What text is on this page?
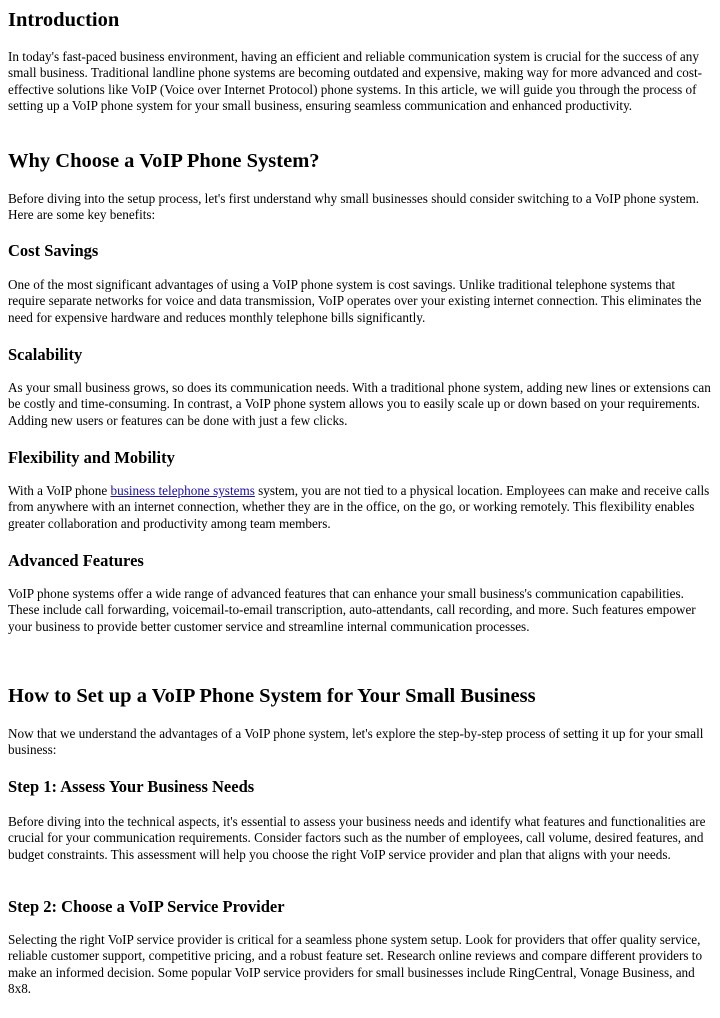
Introduction

In today's fast-paced business environment, having an efficient and reliable communication system is crucial for the success of any small business. Traditional landline phone systems are becoming outdated and expensive, making way for more advanced and cost-effective solutions like VoIP (Voice over Internet Protocol) phone systems. In this article, we will guide you through the process of setting up a VoIP phone system for your small business, ensuring seamless communication and enhanced productivity.

Why Choose a VoIP Phone System?

Before diving into the setup process, let's first understand why small businesses should consider switching to a VoIP phone system. Here are some key benefits:

Cost Savings

One of the most significant advantages of using a VoIP phone system is cost savings. Unlike traditional telephone systems that require separate networks for voice and data transmission, VoIP operates over your existing internet connection. This eliminates the need for expensive hardware and reduces monthly telephone bills significantly.

Scalability

As your small business grows, so does its communication needs. With a traditional phone system, adding new lines or extensions can be costly and time-consuming. In contrast, a VoIP phone system allows you to easily scale up or down based on your requirements. Adding new users or features can be done with just a few clicks.

Flexibility and Mobility

With a VoIP phone business telephone systems system, you are not tied to a physical location. Employees can make and receive calls from anywhere with an internet connection, whether they are in the office, on the go, or working remotely. This flexibility enables greater collaboration and productivity among team members.

Advanced Features

VoIP phone systems offer a wide range of advanced features that can enhance your small business's communication capabilities. These include call forwarding, voicemail-to-email transcription, auto-attendants, call recording, and more. Such features empower your business to provide better customer service and streamline internal communication processes.

How to Set up a VoIP Phone System for Your Small Business

Now that we understand the advantages of a VoIP phone system, let's explore the step-by-step process of setting it up for your small business:

Step 1: Assess Your Business Needs

Before diving into the technical aspects, it's essential to assess your business needs and identify what features and functionalities are crucial for your communication requirements. Consider factors such as the number of employees, call volume, desired features, and budget constraints. This assessment will help you choose the right VoIP service provider and plan that aligns with your needs.

Step 2: Choose a VoIP Service Provider

Selecting the right VoIP service provider is critical for a seamless phone system setup. Look for providers that offer quality service, reliable customer support, competitive pricing, and a robust feature set. Research online reviews and compare different providers to make an informed decision. Some popular VoIP service providers for small businesses include RingCentral, Vonage Business, and 8x8.
